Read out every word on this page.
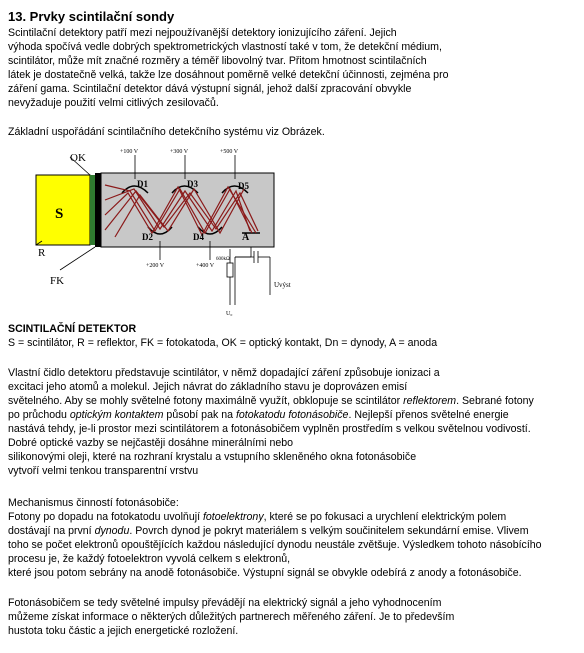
13. Prvky scintilační sondy

Scintilační detektory patří mezi nejpoužívanější detektory ionizujícího záření. Jejich

výhoda spočívá vedle dobrých spektrometrických vlastností také v tom, že detekční médium,

scintilátor, může mít značné rozměry a téměř libovolný tvar. Přitom hmotnost scintilačních

látek je dostatečně velká, takže lze dosáhnout poměrně velké detekční účinnosti, zejména pro

záření gama. Scintilační detektor dává výstupní signál, jehož další zpracování obvykle

nevyžaduje použití velmi citlivých zesilovačů.

Základní uspořádání scintilačního detekčního systému viz Obrázek.

OK
S
R
FK
D1	D3	D5
D2	D4	A
+100 V	+300 V	+500 V
+200 V	+400 V
600kΩ
Uvýst
U₀

SCINTILAČNÍ DETEKTOR

S = scintilátor, R = reflektor, FK = fotokatoda, OK = optický kontakt, Dn = dynody, A = anoda

Vlastní čidlo detektoru představuje scintilátor, v němž dopadající záření způsobuje ionizaci a

excitaci jeho atomů a molekul. Jejich návrat do základního stavu je doprovázen emisí

světelného. Aby se mohly světelné fotony maximálně využít, obklopuje se scintilátor reflektorem. Sebrané fotony

po průchodu optickým kontaktem působí pak na fotokatodu fotonásobiče. Nejlepší přenos světelné energie

nastává tehdy, je-li prostor mezi scintilátorem a fotonásobičem vyplněn prostředím s velkou světelnou vodivostí.

Dobré optické vazby se nejčastěji dosáhne minerálními nebo

silikonovými oleji, které na rozhraní krystalu a vstupního skleněného okna fotonásobiče

vytvoří velmi tenkou transparentní vrstvu

Mechanismus činností fotonásobiče:

Fotony po dopadu na fotokatodu uvolňují fotoelektrony, které se po fokusaci a urychlení elektrickým polem

dostávají na první dynodu. Povrch dynod je pokryt materiálem s velkým součinitelem sekundární emise. Vlivem

toho se počet elektronů opouštějících každou následující dynodu neustále zvětšuje. Výsledkem tohoto násobícího

procesu je, že každý fotoelektron vyvolá celkem s elektronů,

které jsou potom sebrány na anodě fotonásobiče. Výstupní signál se obvykle odebírá z anody a fotonásobiče.

Fotonásobičem se tedy světelné impulsy převádějí na elektrický signál a jeho vyhodnocením

můžeme získat informace o některých důležitých partnerech měřeného záření. Je to především

hustota toku částic a jejich energetické rozložení.
